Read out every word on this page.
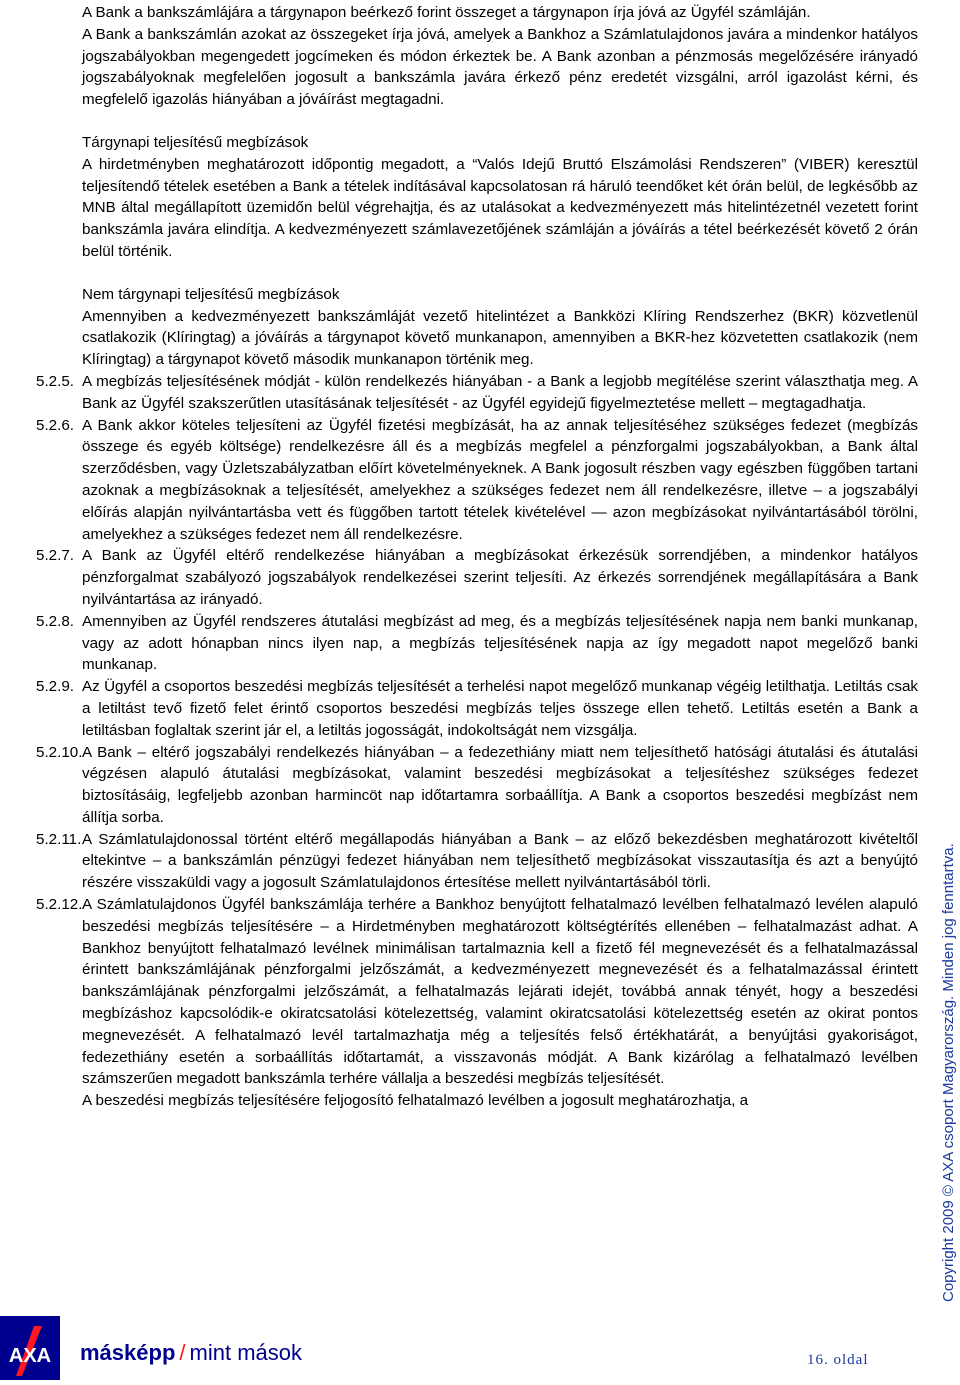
A Bank a bankszámlájára a tárgynapon beérkező forint összeget a tárgynapon írja jóvá az Ügyfél számláján.

A Bank a bankszámlán azokat az összegeket írja jóvá, amelyek a Bankhoz a Számlatulajdonos javára a mindenkor hatályos jogszabályokban megengedett jogcímeken és módon érkeztek be. A Bank azonban a pénzmosás megelőzésére irányadó jogszabályoknak megfelelően jogosult a bankszámla javára érkező pénz eredetét vizsgálni, arról igazolást kérni, és megfelelő igazolás hiányában a jóváírást megtagadni.

Tárgynapi teljesítésű megbízások

A hirdetményben meghatározott időpontig megadott, a “Valós Idejű Bruttó Elszámolási Rendszeren” (VIBER) keresztül teljesítendő tételek esetében a Bank a tételek indításával kapcsolatosan rá háruló teendőket két órán belül, de legkésőbb az MNB által megállapított üzemidőn belül végrehajtja, és az utalásokat a kedvezményezett más hitelintézetnél vezetett forint bankszámla javára elindítja. A kedvezményezett számlavezetőjének számláján a jóváírás a tétel beérkezését követő 2 órán belül történik.

Nem tárgynapi teljesítésű megbízások

Amennyiben a kedvezményezett bankszámláját vezető hitelintézet a Bankközi Klíring Rendszerhez (BKR) közvetlenül csatlakozik (Klíringtag) a jóváírás a tárgynapot követő munkanapon, amennyiben a BKR-hez közvetetten csatlakozik (nem Klíringtag) a tárgynapot követő második munkanapon történik meg.

5.2.5. A megbízás teljesítésének módját - külön rendelkezés hiányában - a Bank a legjobb megítélése szerint választhatja meg. A Bank az Ügyfél szakszerűtlen utasításának teljesítését - az Ügyfél egyidejű figyelmeztetése mellett – megtagadhatja.
5.2.6. A Bank akkor köteles teljesíteni az Ügyfél fizetési megbízását, ha az annak teljesítéséhez szükséges fedezet (megbízás összege és egyéb költsége) rendelkezésre áll és a megbízás megfelel a pénzforgalmi jogszabályokban, a Bank által szerződésben, vagy Üzletszabályzatban előírt követelményeknek. A Bank jogosult részben vagy egészben függőben tartani azoknak a megbízásoknak a teljesítését, amelyekhez a szükséges fedezet nem áll rendelkezésre, illetve – a jogszabályi előírás alapján nyilvántartásba vett és függőben tartott tételek kivételével — azon megbízásokat nyilvántartásából törölni, amelyekhez a szükséges fedezet nem áll rendelkezésre.
5.2.7. A Bank az Ügyfél eltérő rendelkezése hiányában a megbízásokat érkezésük sorrendjében, a mindenkor hatályos pénzforgalmat szabályozó jogszabályok rendelkezései szerint teljesíti. Az érkezés sorrendjének megállapítására a Bank nyilvántartása az irányadó.
5.2.8. Amennyiben az Ügyfél rendszeres átutalási megbízást ad meg, és a megbízás teljesítésének napja nem banki munkanap, vagy az adott hónapban nincs ilyen nap, a megbízás teljesítésének napja az így megadott napot megelőző banki munkanap.
5.2.9. Az Ügyfél a csoportos beszedési megbízás teljesítését a terhelési napot megelőző munkanap végéig letilthatja. Letiltás csak a letiltást tevő fizető felet érintő csoportos beszedési megbízás teljes összege ellen tehető. Letiltás esetén a Bank a letiltásban foglaltak szerint jár el, a letiltás jogosságát, indokoltságát nem vizsgálja.
5.2.10. A Bank – eltérő jogszabályi rendelkezés hiányában – a fedezethiány miatt nem teljesíthető hatósági átutalási és átutalási végzésen alapuló átutalási megbízásokat, valamint beszedési megbízásokat a teljesítéshez szükséges fedezet biztosításáig, legfeljebb azonban harmincöt nap időtartamra sorbaállítja. A Bank a csoportos beszedési megbízást nem állítja sorba.
5.2.11. A Számlatulajdonossal történt eltérő megállapodás hiányában a Bank – az előző bekezdésben meghatározott kivételtől eltekintve – a bankszámlán pénzügyi fedezet hiányában nem teljesíthető megbízásokat visszautasítja és azt a benyújtó részére visszaküldi vagy a jogosult Számlatulajdonos értesítése mellett nyilvántartásából törli.
5.2.12. A Számlatulajdonos Ügyfél bankszámlája terhére a Bankhoz benyújtott felhatalmazó levélben felhatalmazó levélen alapuló beszedési megbízás teljesítésére – a Hirdetményben meghatározott költségtérítés ellenében – felhatalmazást adhat. A Bankhoz benyújtott felhatalmazó levélnek minimálisan tartalmaznia kell a fizető fél megnevezését és a felhatalmazással érintett bankszámlájának pénzforgalmi jelzőszámát, a kedvezményezett megnevezését és a felhatalmazással érintett bankszámlájának pénzforgalmi jelzőszámát, a felhatalmazás lejárati idejét, továbbá annak tényét, hogy a beszedési megbízáshoz kapcsolódik-e okiratcsatolási kötelezettség, valamint okiratcsatolási kötelezettség esetén az okirat pontos megnevezését. A felhatalmazó levél tartalmazhatja még a teljesítés felső értékhatárát, a benyújtási gyakoriságot, fedezethiány esetén a sorbaállítás időtartamát, a visszavonás módját. A Bank kizárólag a felhatalmazó levélben számszerűen megadott bankszámla terhére vállalja a beszedési megbízás teljesítését.

A beszedési megbízás teljesítésére feljogosító felhatalmazó levélben a jogosult meghatározhatja, a	Copyright 2009 © AXA csoport Magyarország. Minden jog fenntartva.
AXA másképp / mint mások	16. oldal
